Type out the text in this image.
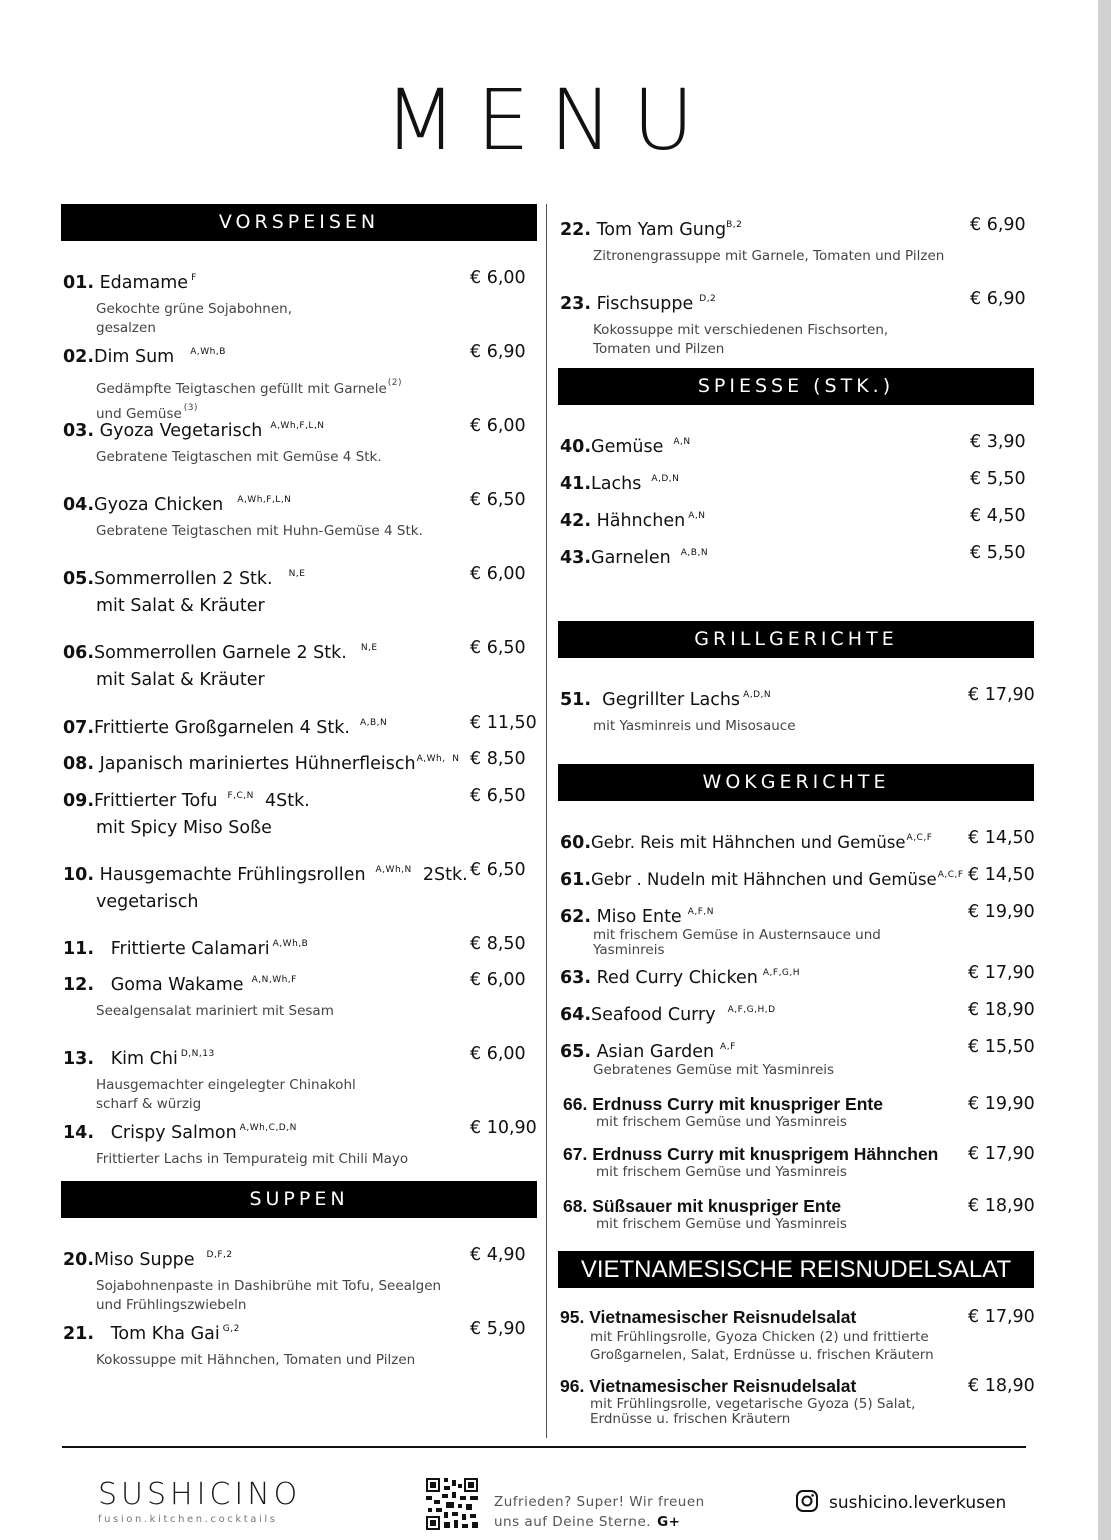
MENU
VORSPEISEN
SUPPEN
SPIESSE (STK.)
GRILLGERICHTE
WOKGERICHTE
VIETNAMESISCHE REISNUDELSALAT
01. Edamame $^F$
Gekochte grüne Sojabohnen,
gesalzen
€ 6,00
02.Dim Sum $^{A,Wh,B}$
Gedämpfte Teigtaschen gefüllt mit Garnele$^{(2)}$
und Gemüse $^{(3)}$
€ 6,90
03. Gyoza Vegetarisch $^{A,Wh,F,L,N}$
Gebratene Teigtaschen mit Gemüse 4 Stk.
€ 6,00
04.Gyoza Chicken $^{A,Wh,F,L,N}$
Gebratene Teigtaschen mit Huhn-Gemüse 4 Stk.
€ 6,50
05.Sommerrollen 2 Stk. $^{N,E}$
mit Salat & Kräuter
€ 6,00
06.Sommerrollen Garnele 2 Stk. $^{N,E}$
mit Salat & Kräuter
€ 6,50
07.Frittierte Großgarnelen 4 Stk. $^{A,B,N}$	€ 11,50
08. Japanisch mariniertes Hühnerfleisch$^{A,Wh, N}$ € 8,50
09.Frittierter Tofu $^{F,C,N}$  4Stk.
mit Spicy Miso Soße
€ 6,50
10. Hausgemachte Frühlingsrollen $^{A,Wh,N}$  2Stk.
vegetarisch
€ 6,50
11.   Frittierte Calamari $^{A,Wh,B}$	€ 8,50
12.   Goma Wakame $^{A,N,Wh,F}$
Seealgensalat mariniert mit Sesam
€ 6,00
13.   Kim Chi $^{D,N,13}$
Hausgemachter eingelegter Chinakohl
scharf & würzig
€ 6,00
14.   Crispy Salmon $^{A,Wh,C,D,N}$
Frittierter Lachs in Tempurateig mit Chili Mayo
€ 10,90
20.Miso Suppe $^{D,F,2}$
Sojabohnenpaste in Dashibrühe mit Tofu, Seealgen
und Frühlingszwiebeln
€ 4,90
21.   Tom Kha Gai $^{G,2}$
Kokossuppe mit Hähnchen, Tomaten und Pilzen
€ 5,90
22. Tom Yam Gung$^{B,2}$
Zitronengrassuppe mit Garnele, Tomaten und Pilzen
€ 6,90
23. Fischsuppe $^{D,2}$
Kokossuppe mit verschiedenen Fischsorten,
Tomaten und Pilzen
€ 6,90
40.Gemüse $^{A,N}$	€ 3,90
41.Lachs $^{A,D,N}$	€ 5,50
42. Hähnchen $^{A,N}$	€ 4,50
43.Garnelen $^{A,B,N}$	€ 5,50
51.  Gegrillter Lachs $^{A,D,N}$
mit Yasminreis und Misosauce
€ 17,90
60.Gebr. Reis mit Hähnchen und Gemüse$^{A,C,F}$ € 14,50
61.Gebr . Nudeln mit Hähnchen und Gemüse$^{A,C,F}$ € 14,50
62. Miso Ente $^{A,F,N}$
mit frischem Gemüse in Austernsauce und
Yasminreis
€ 19,90
63. Red Curry Chicken $^{A,F,G,H}$	€ 17,90
64.Seafood Curry $^{A,F,G,H,D}$	€ 18,90
65. Asian Garden $^{A,F}$
Gebratenes Gemüse mit Yasminreis
€ 15,50
66. Erdnuss Curry mit knuspriger Ente
mit frischem Gemüse und Yasminreis
€ 19,90
67. Erdnuss Curry mit knusprigem Hähnchen
mit frischem Gemüse und Yasminreis
€ 17,90
68. Süßsauer mit knuspriger Ente
mit frischem Gemüse und Yasminreis
€ 18,90
95. Vietnamesischer Reisnudelsalat
mit Frühlingsrolle, Gyoza Chicken (2) und frittierte
Großgarnelen, Salat, Erdnüsse u. frischen Kräutern
€ 17,90
96. Vietnamesischer Reisnudelsalat
mit Frühlingsrolle, vegetarische Gyoza (5) Salat,
Erdnüsse u. frischen Kräutern
€ 18,90
SUSHICINO
fusion.kitchen.cocktails
Zufrieden? Super! Wir freuen
uns auf Deine Sterne. G+
sushicino.leverkusen
